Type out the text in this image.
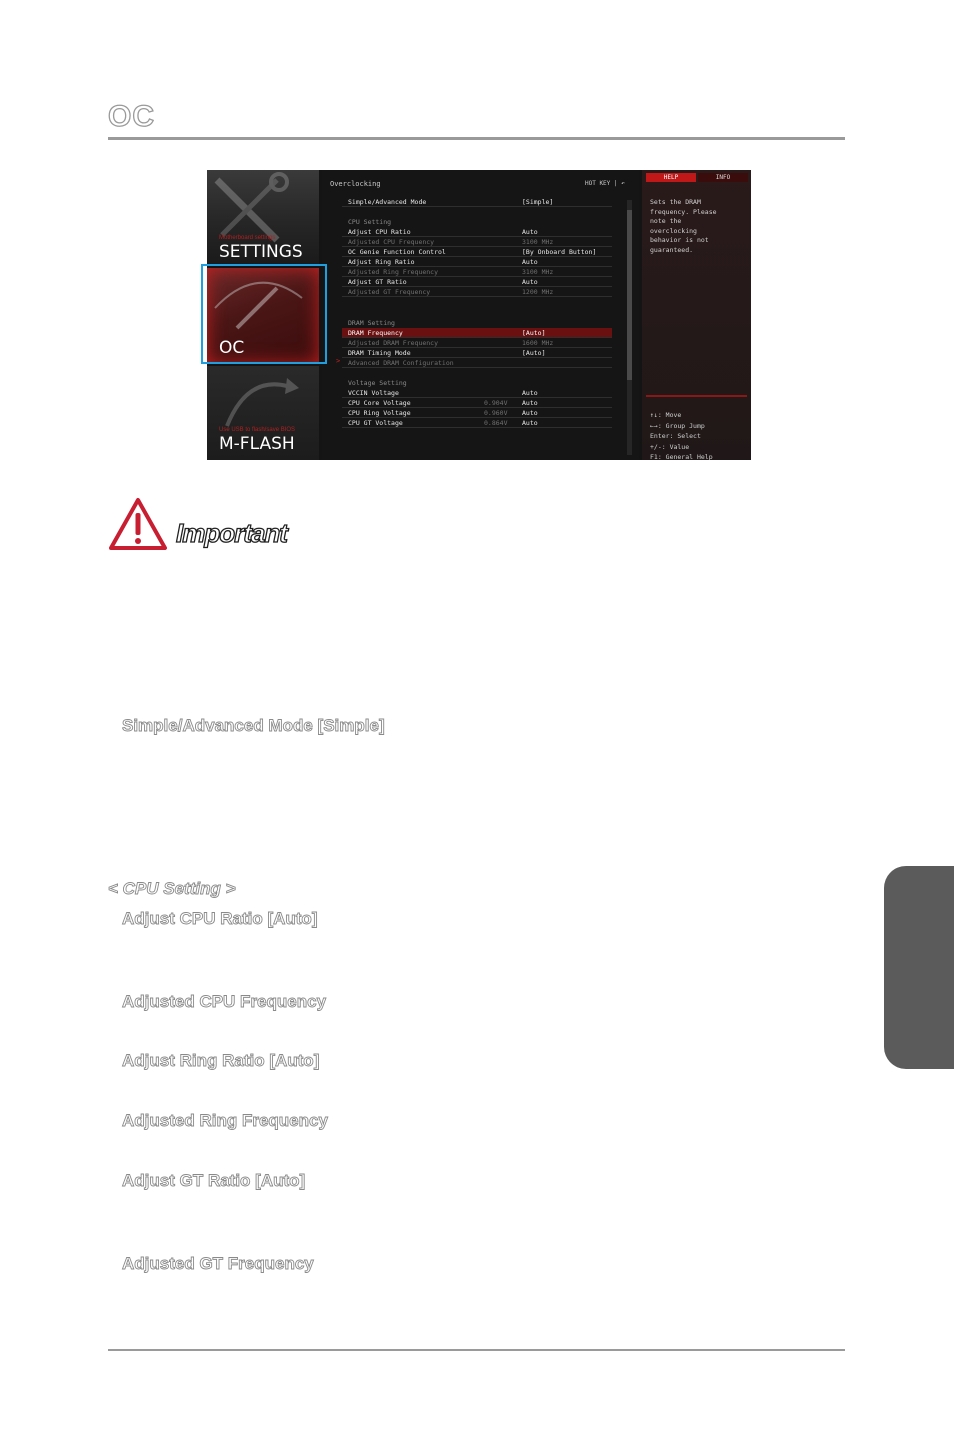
OC
Motherboard settings
SETTINGS
OC
Use USB to flash/save BIOS
M-FLASH
Overclocking	HOT KEY | ↶
Simple/Advanced Mode	[Simple]
CPU Setting
Adjust CPU Ratio	Auto
Adjusted CPU Frequency	3100 MHz
OC Genie Function Control	[By Onboard Button]
Adjust Ring Ratio	Auto
Adjusted Ring Frequency	3100 MHz
Adjust GT Ratio	Auto
Adjusted GT Frequency	1200 MHz
DRAM Setting
DRAM Frequency	[Auto]
Adjusted DRAM Frequency	1600 MHz
DRAM Timing Mode	[Auto]
> Advanced DRAM Configuration
Voltage Setting
VCCIN Voltage	Auto
CPU Core Voltage	0.904V Auto
CPU Ring Voltage	0.960V Auto
CPU GT Voltage	0.864V Auto
HELP	INFO
Sets the DRAM
frequency. Please
note the
overclocking
behavior is not
guaranteed.
↑↓: Move
←→: Group Jump
Enter: Select
+/-: Value
F1: General Help
Important
Simple/Advanced Mode [Simple]
< CPU Setting >
Adjust CPU Ratio [Auto]
Adjusted CPU Frequency
Adjust Ring Ratio [Auto]
Adjusted Ring Frequency
Adjust GT Ratio [Auto]
Adjusted GT Frequency
